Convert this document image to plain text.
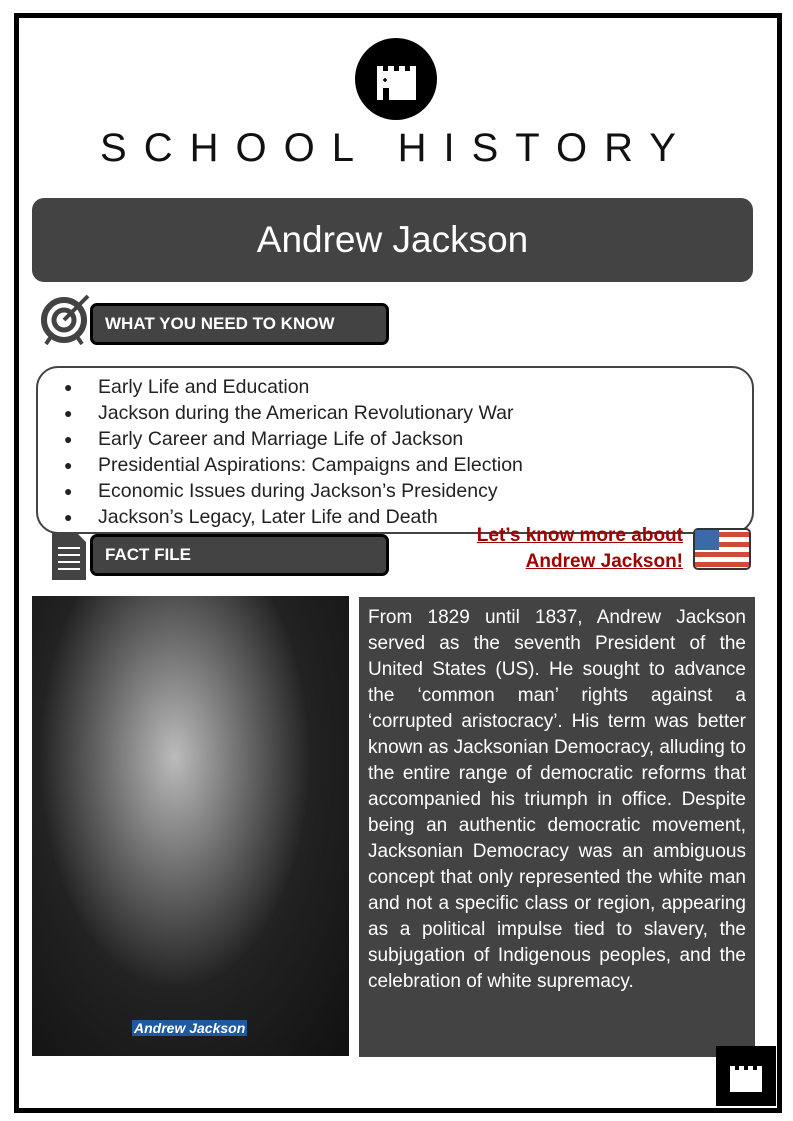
SCHOOL HISTORY
Andrew Jackson
WHAT YOU NEED TO KNOW
● Early Life and Education
● Jackson during the American Revolutionary War
● Early Career and Marriage Life of Jackson
● Presidential Aspirations: Campaigns and Election
● Economic Issues during Jackson’s Presidency
● Jackson’s Legacy, Later Life and Death
FACT FILE
Let’s know more about
Andrew Jackson!
Andrew Jackson
From 1829 until 1837, Andrew Jackson served as the seventh President of the United States (US). He sought to advance the ‘common man’ rights against a ‘corrupted aristocracy’. His term was better known as Jacksonian Democracy, alluding to the entire range of democratic reforms that accompanied his triumph in office. Despite being an authentic democratic movement, Jacksonian Democracy was an ambiguous concept that only represented the white man and not a specific class or region, appearing as a political impulse tied to slavery, the subjugation of Indigenous peoples, and the celebration of white supremacy.
